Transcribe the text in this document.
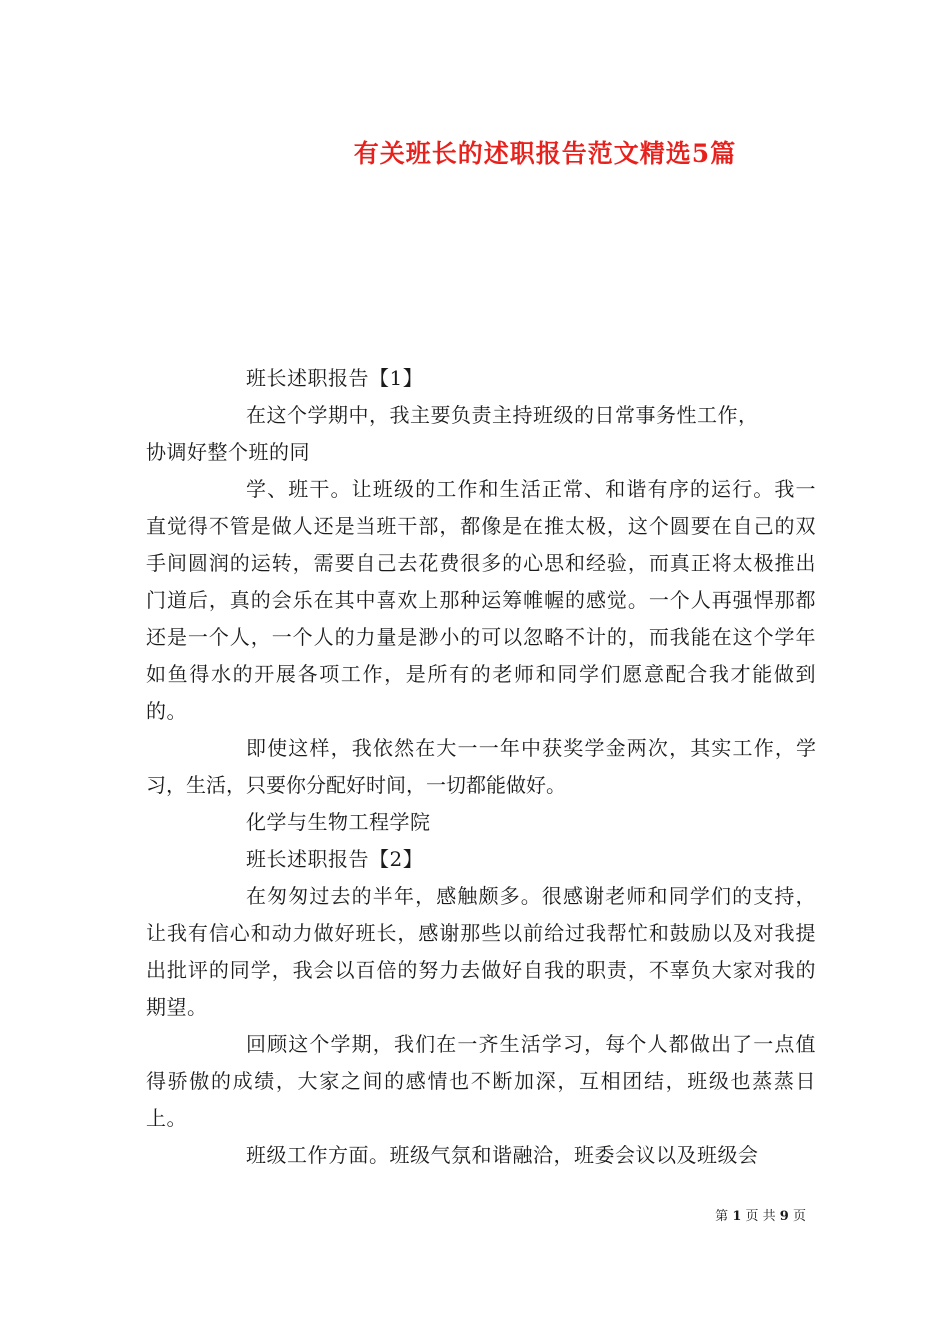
有关班长的述职报告范文精选5篇

班长述职报告【1】

在这个学期中，我主要负责主持班级的日常事务性工作，

协调好整个班的同

学、班干。让班级的工作和生活正常、和谐有序的运行。我一直觉得不管是做人还是当班干部，都像是在推太极，这个圆要在自己的双手间圆润的运转，需要自己去花费很多的心思和经验，而真正将太极推出门道后，真的会乐在其中喜欢上那种运筹帷幄的感觉。一个人再强悍那都还是一个人，一个人的力量是渺小的可以忽略不计的，而我能在这个学年如鱼得水的开展各项工作，是所有的老师和同学们愿意配合我才能做到的。

即使这样，我依然在大一一年中获奖学金两次，其实工作，学习，生活，只要你分配好时间，一切都能做好。

化学与生物工程学院

班长述职报告【2】

在匆匆过去的半年，感触颇多。很感谢老师和同学们的支持，让我有信心和动力做好班长，感谢那些以前给过我帮忙和鼓励以及对我提出批评的同学，我会以百倍的努力去做好自我的职责，不辜负大家对我的期望。

回顾这个学期，我们在一齐生活学习，每个人都做出了一点值得骄傲的成绩，大家之间的感情也不断加深，互相团结，班级也蒸蒸日上。

班级工作方面。班级气氛和谐融洽，班委会议以及班级会

第 1 页 共 9 页
